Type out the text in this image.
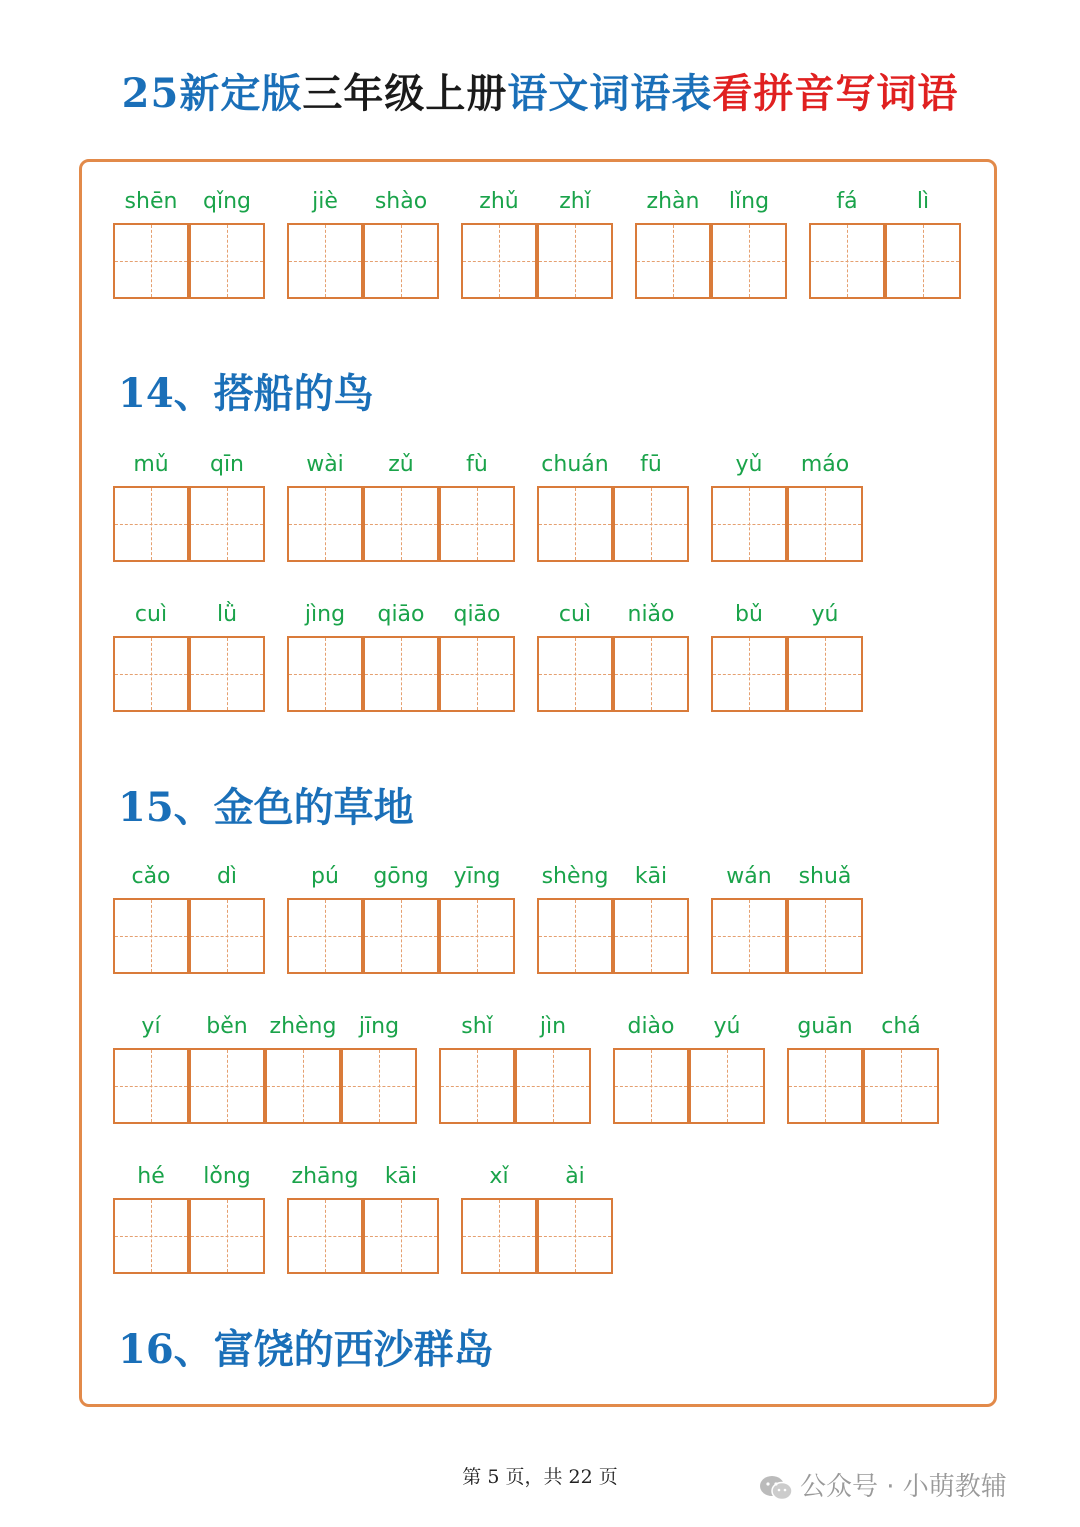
25新定版三年级上册语文词语表看拼音写词语
shēn	qǐng	jiè	shào	zhǔ	zhǐ	zhàn	lǐng	fá	lì
14、搭船的鸟
mǔ	qīn	wài	zǔ	fù	chuán	fū	yǔ	máo
cuì	lǜ	jìng	qiāo	qiāo	cuì	niǎo	bǔ	yú
15、金色的草地
cǎo	dì	pú	gōng	yīng	shèng	kāi	wán	shuǎ
yí	běn zhèng	jīng	shǐ	jìn	diào	yú	guān	chá
hé	lǒng	zhāng	kāi	xǐ	ài
16、富饶的西沙群岛
第 5 页，共 22 页	公众号 · 小萌教辅
